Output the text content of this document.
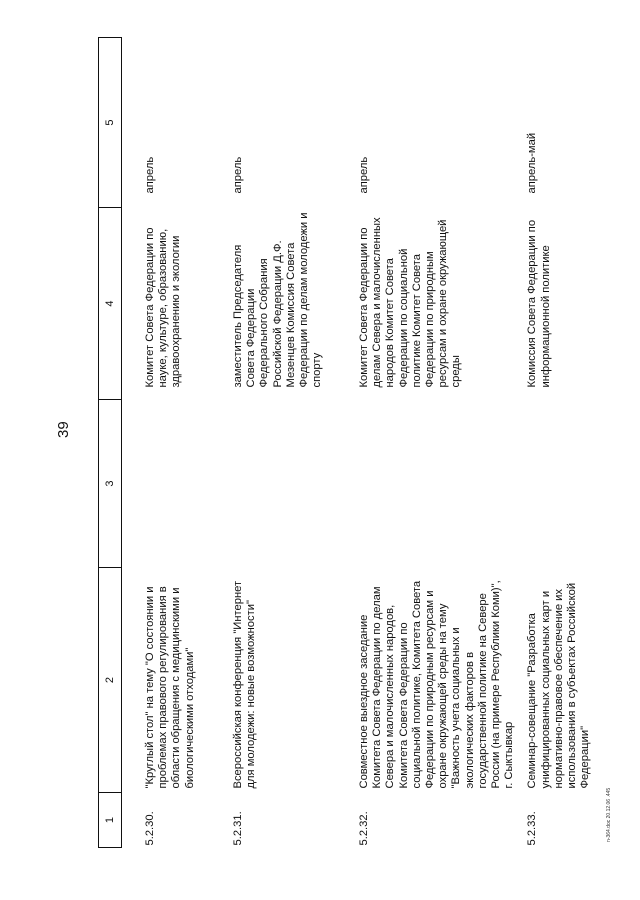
39
1	2	3	4	5
5.2.30.	"Круглый стол" на тему "О состоянии и проблемах правового регулирования в области обращения с медицинскими и биологическими отходами"		Комитет Совета Федерации по науке, культуре, образованию, здравоохранению и экологии	апрель
5.2.31.	Всероссийская конференция "Интернет для молодежи: новые возможности"		заместитель Председателя Совета Федерации Федерального Собрания Российской Федерации Д.Ф. Мезенцев Комиссия Совета Федерации по делам молодежи и спорту	апрель
5.2.32.	Совместное выездное заседание Комитета Совета Федерации по делам Севера и малочисленных народов, Комитета Совета Федерации по социальной политике, Комитета Совета Федерации по природным ресурсам и охране окружающей среды на тему "Важность учета социальных и экологических факторов в государственной политике на Севере России (на примере Республики Коми)", г. Сыктывкар		Комитет Совета Федерации по делам Севера и малочисленных народов Комитет Совета Федерации по социальной политике Комитет Совета Федерации по природным ресурсам и охране окружающей среды	апрель
5.2.33.	Семинар-совещание "Разработка унифицированных социальных карт и нормативно-правовое обеспечение их использования в субъектах Российской Федерации"		Комиссия Совета Федерации по информационной политике	апрель-май
n-364.doc 20.12.06 .445
